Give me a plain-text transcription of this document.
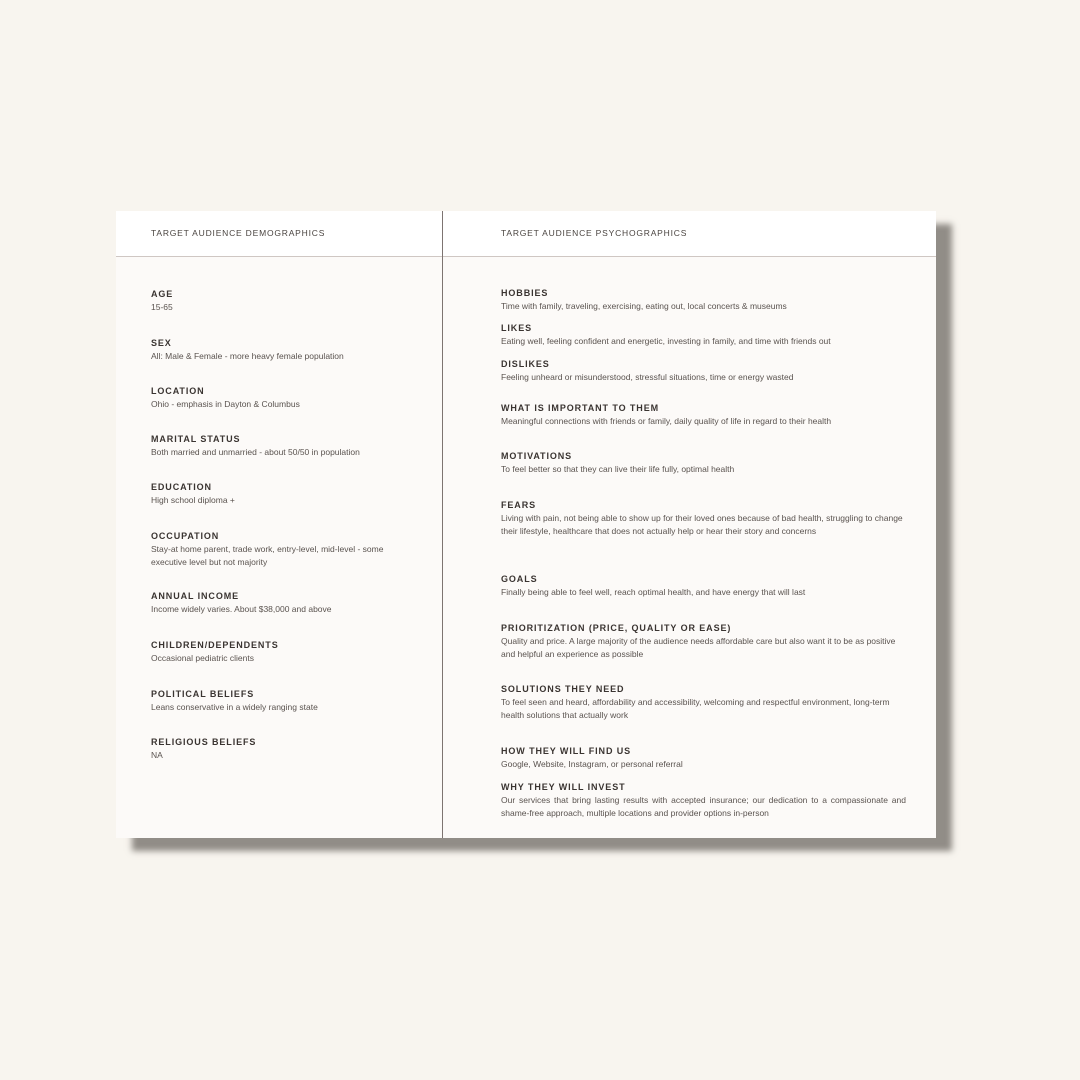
TARGET AUDIENCE DEMOGRAPHICS	TARGET AUDIENCE PSYCHOGRAPHICS
AGE
15-65
SEX
All: Male & Female - more heavy female population
LOCATION
Ohio - emphasis in Dayton & Columbus
MARITAL STATUS
Both married and unmarried - about 50/50 in population
EDUCATION
High school diploma +
OCCUPATION
Stay-at home parent, trade work, entry-level, mid-level - some executive level but not majority
ANNUAL INCOME
Income widely varies. About $38,000 and above
CHILDREN/DEPENDENTS
Occasional pediatric clients
POLITICAL BELIEFS
Leans conservative in a widely ranging state
RELIGIOUS BELIEFS
NA
HOBBIES
Time with family, traveling, exercising, eating out, local concerts & museums
LIKES
Eating well, feeling confident and energetic, investing in family, and time with friends out
DISLIKES
Feeling unheard or misunderstood, stressful situations, time or energy wasted
WHAT IS IMPORTANT TO THEM
Meaningful connections with friends or family, daily quality of life in regard to their health
MOTIVATIONS
To feel better so that they can live their life fully, optimal health
FEARS
Living with pain, not being able to show up for their loved ones because of bad health, struggling to change their lifestyle, healthcare that does not actually help or hear their story and concerns
GOALS
Finally being able to feel well, reach optimal health, and have energy that will last
PRIORITIZATION (PRICE, QUALITY OR EASE)
Quality and price. A large majority of the audience needs affordable care but also want it to be as positive and helpful an experience as possible
SOLUTIONS THEY NEED
To feel seen and heard, affordability and accessibility, welcoming and respectful environment, long-term health solutions that actually work
HOW THEY WILL FIND US
Google, Website, Instagram, or personal referral
WHY THEY WILL INVEST
Our services that bring lasting results with accepted insurance; our dedication to a compassionate and shame-free approach, multiple locations and provider options in-person
